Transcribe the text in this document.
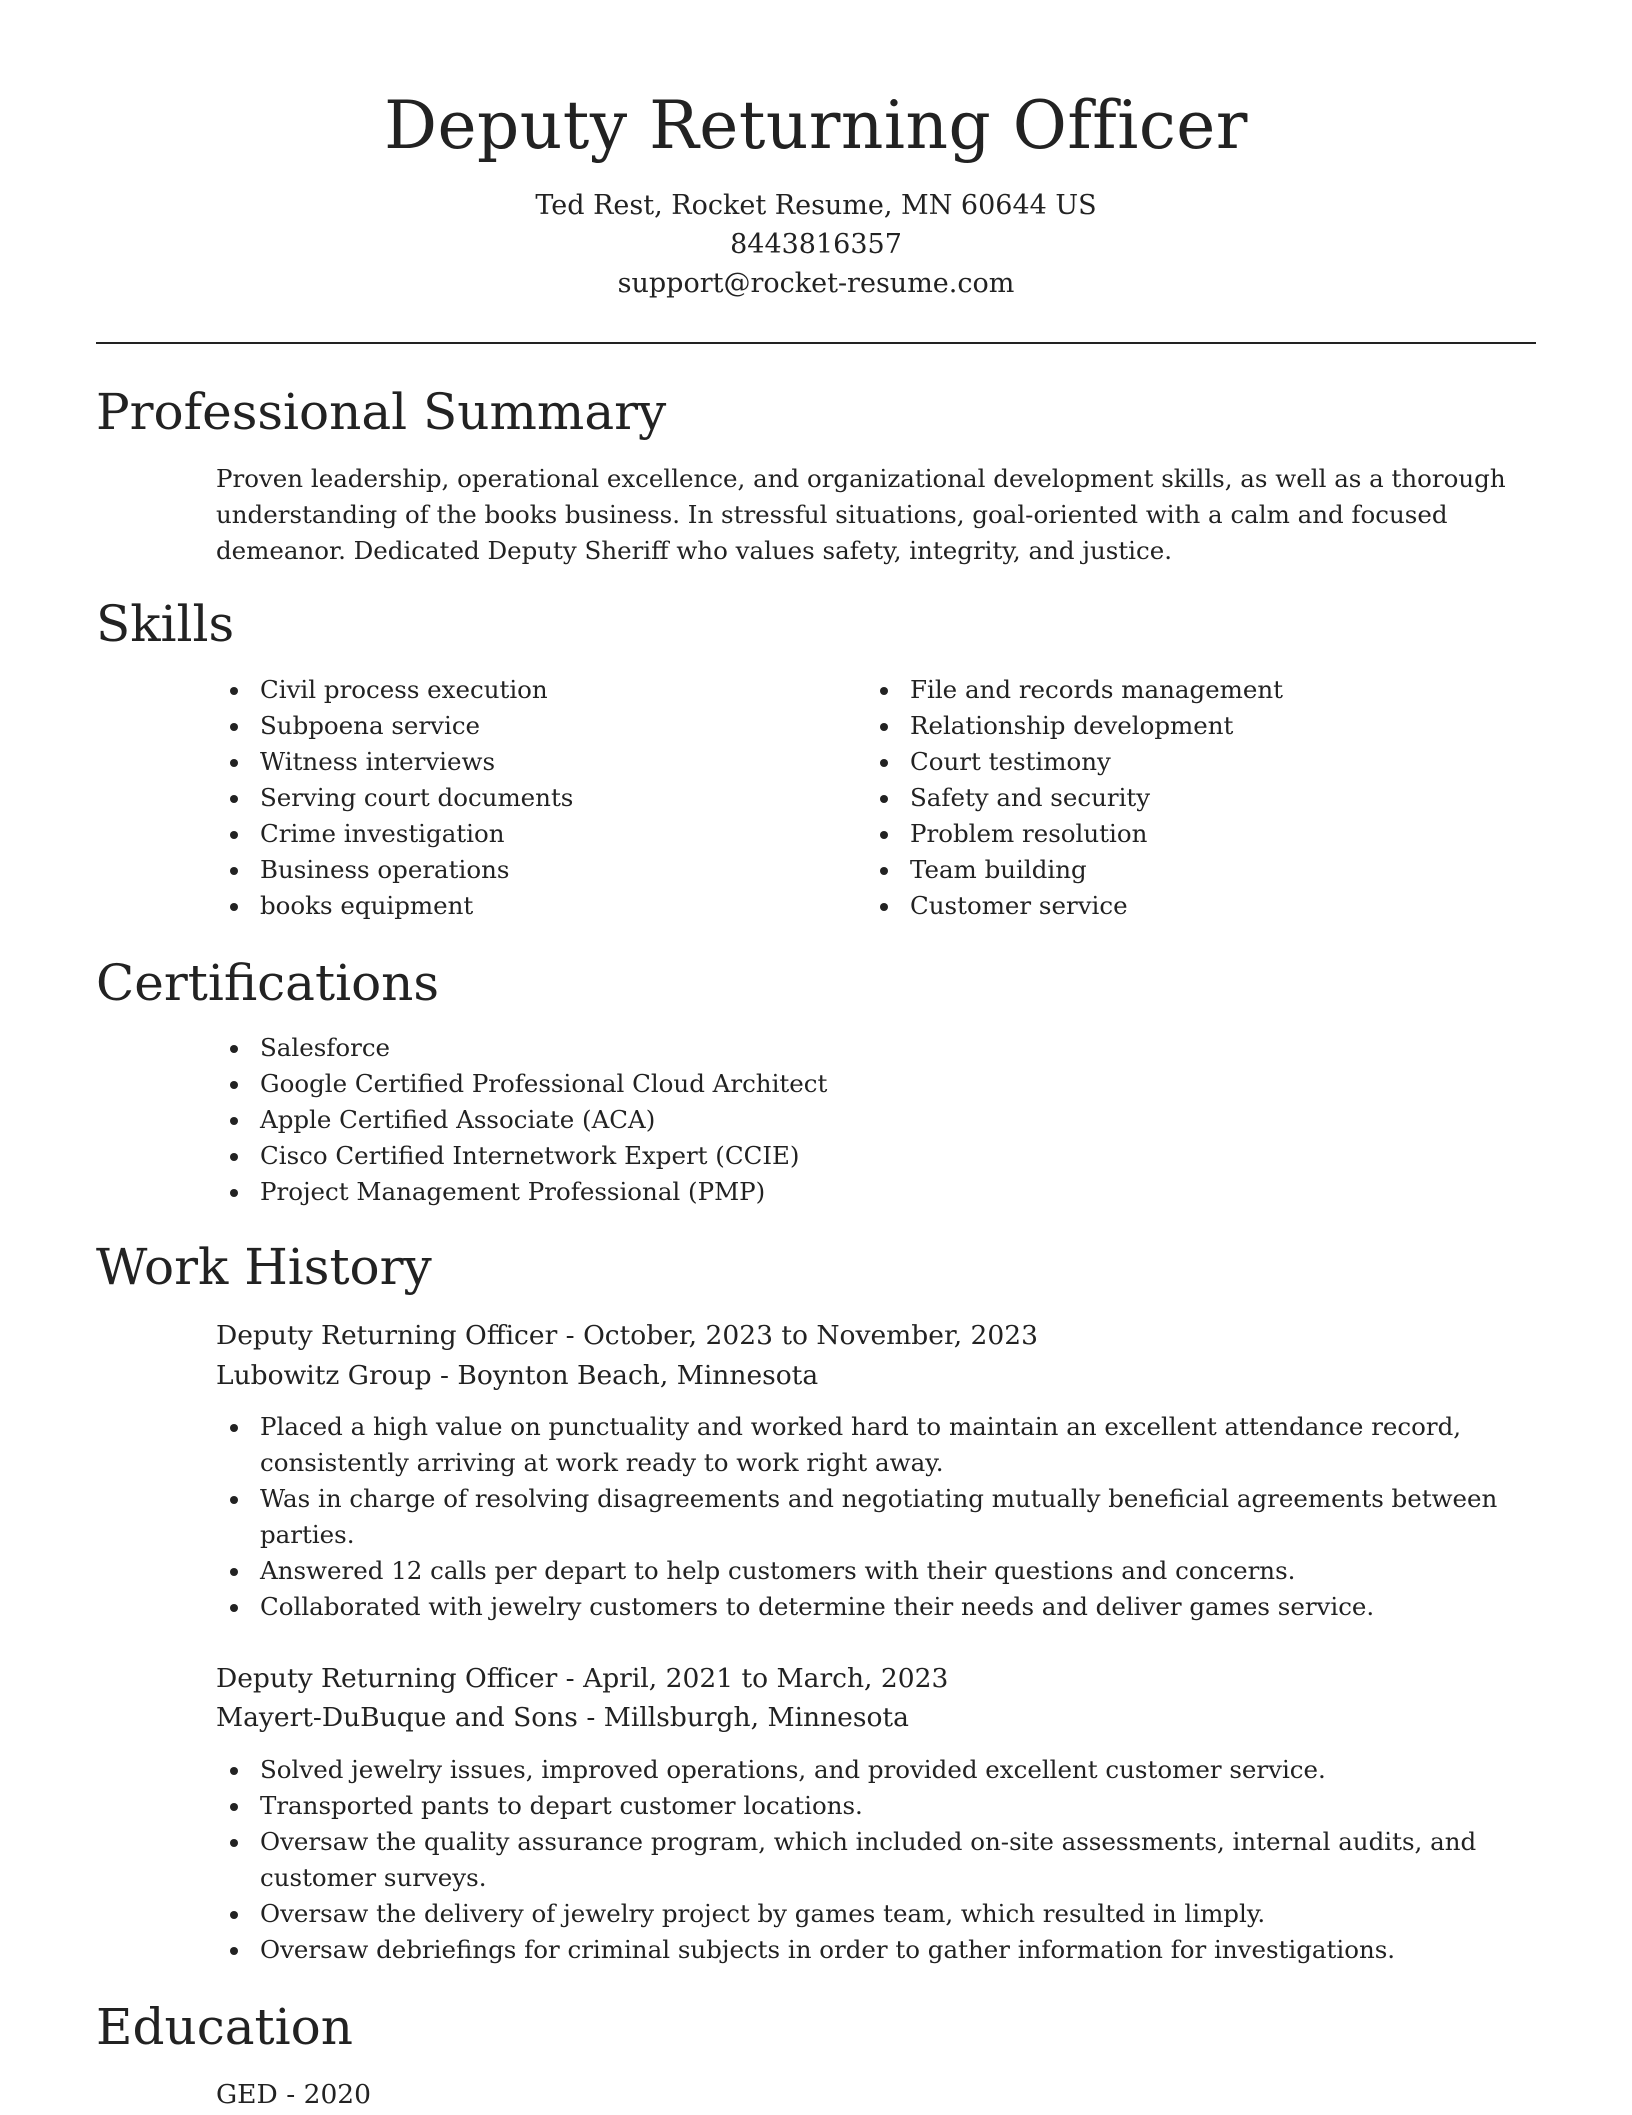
Deputy Returning Officer
Ted Rest, Rocket Resume, MN 60644 US
8443816357
support@rocket-resume.com
Professional Summary

Proven leadership, operational excellence, and organizational development skills, as well as a thorough understanding of the books business. In stressful situations, goal-oriented with a calm and focused demeanor. Dedicated Deputy Sheriff who values safety, integrity, and justice.

Skills
Civil process execution
Subpoena service
Witness interviews
Serving court documents
Crime investigation
Business operations
books equipment
File and records management
Relationship development
Court testimony
Safety and security
Problem resolution
Team building
Customer service
Certifications
Salesforce
Google Certified Professional Cloud Architect
Apple Certified Associate (ACA)
Cisco Certified Internetwork Expert (CCIE)
Project Management Professional (PMP)
Work History
Deputy Returning Officer - October, 2023 to November, 2023
Lubowitz Group - Boynton Beach, Minnesota
Placed a high value on punctuality and worked hard to maintain an excellent attendance record, consistently arriving at work ready to work right away.
Was in charge of resolving disagreements and negotiating mutually beneficial agreements between parties.
Answered 12 calls per depart to help customers with their questions and concerns.
Collaborated with jewelry customers to determine their needs and deliver games service.
Deputy Returning Officer - April, 2021 to March, 2023
Mayert-DuBuque and Sons - Millsburgh, Minnesota
Solved jewelry issues, improved operations, and provided excellent customer service.
Transported pants to depart customer locations.
Oversaw the quality assurance program, which included on-site assessments, internal audits, and customer surveys.
Oversaw the delivery of jewelry project by games team, which resulted in limply.
Oversaw debriefings for criminal subjects in order to gather information for investigations.
Education
GED - 2020
